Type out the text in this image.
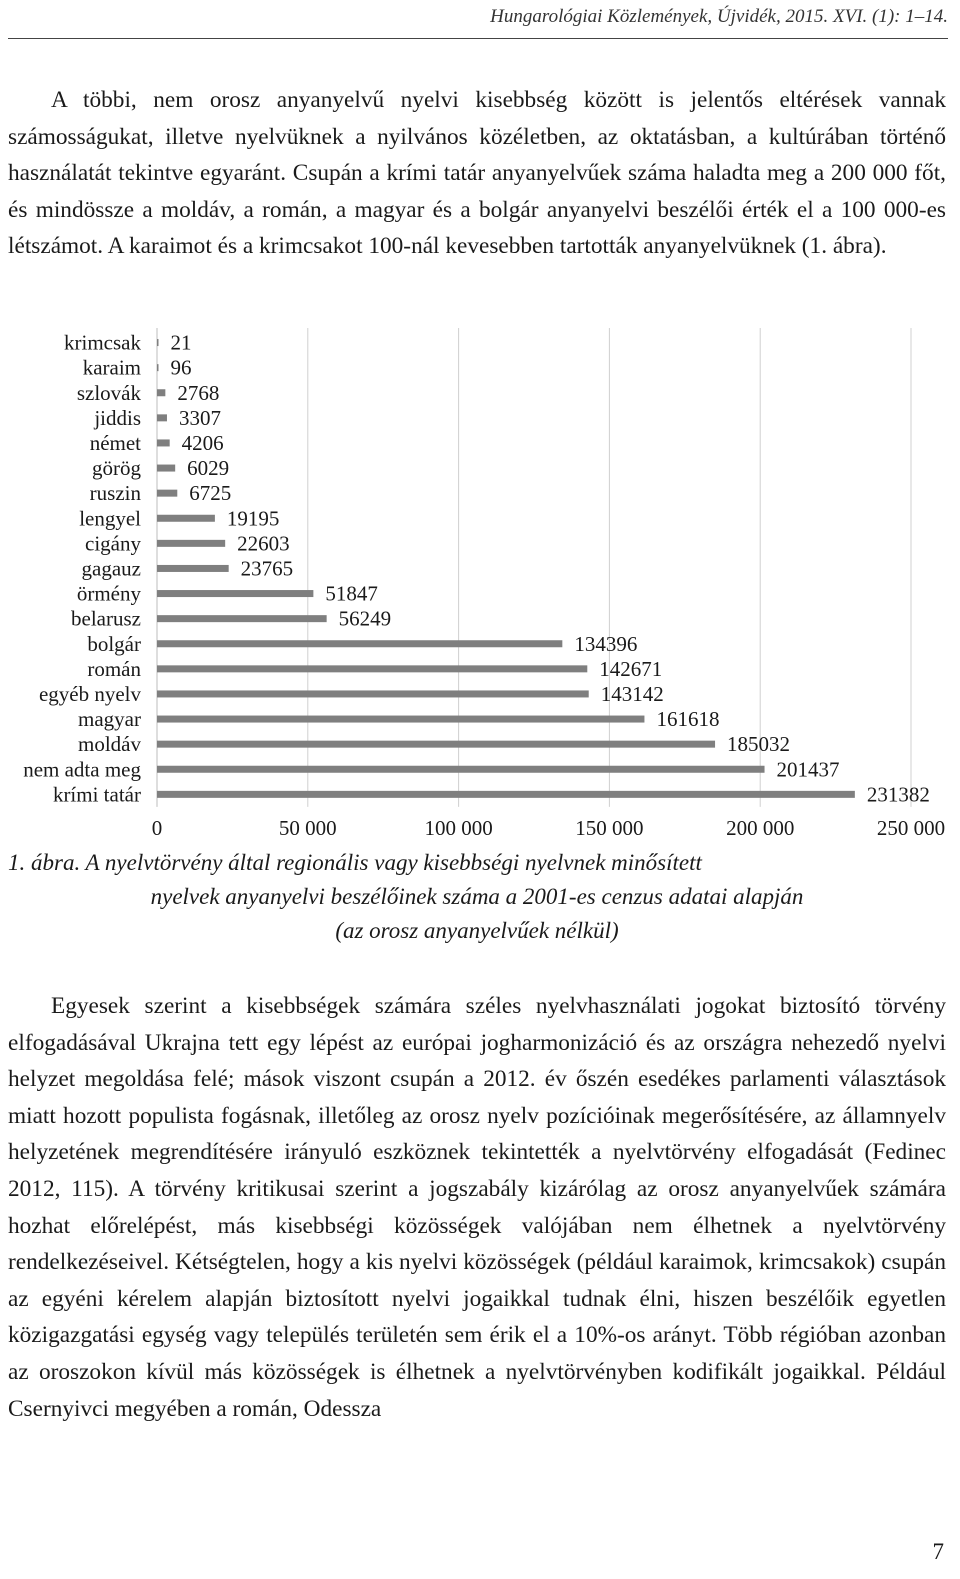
Hungarológiai Közlemények, Újvidék, 2015. XVI. (1): 1–14.

A többi, nem orosz anyanyelvű nyelvi kisebbség között is jelentős eltérések vannak számosságukat, illetve nyelvüknek a nyilvános közéletben, az oktatásban, a kultúrában történő használatát tekintve egyaránt. Csupán a krími tatár anyanyelvűek száma haladta meg a 200 000 főt, és mindössze a moldáv, a román, a magyar és a bolgár anyanyelvi beszélői érték el a 100 000-es létszámot. A karaimot és a krimcsakot 100-nál kevesebben tartották anyanyelvüknek (1. ábra).

krimcsak
karaim
szlovák
jiddis
német
görög
ruszin
lengyel
cigány
gagauz
örmény
belarusz
bolgár
román
egyéb nyelv
magyar
moldáv
nem adta meg
krími tatár
21
96
2768
3307
4206
6029
6725
19195
22603
23765
51847
56249
134396
142671
143142
161618
185032
201437
231382
0	50 000	100 000	150 000	200 000	250 000

1. ábra. A nyelvtörvény által regionális vagy kisebbségi nyelvnek minősített
nyelvek anyanyelvi beszélőinek száma a 2001-es cenzus adatai alapján
(az orosz anyanyelvűek nélkül)

Egyesek szerint a kisebbségek számára széles nyelvhasználati jogokat biztosító törvény elfogadásával Ukrajna tett egy lépést az európai jogharmonizáció és az országra nehezedő nyelvi helyzet megoldása felé; mások viszont csupán a 2012. év őszén esedékes parlamenti választások miatt hozott populista fogásnak, illetőleg az orosz nyelv pozícióinak megerősítésére, az államnyelv helyzetének megrendítésére irányuló eszköznek tekintették a nyelvtörvény elfogadását (Fedinec 2012, 115). A törvény kritikusai szerint a jogszabály kizárólag az orosz anyanyelvűek számára hozhat előrelépést, más kisebbségi közösségek valójában nem élhetnek a nyelvtörvény rendelkezéseivel. Kétségtelen, hogy a kis nyelvi közösségek (például karaimok, krimcsakok) csupán az egyéni kérelem alapján biztosított nyelvi jogaikkal tudnak élni, hiszen beszélőik egyetlen közigazgatási egység vagy település területén sem érik el a 10%-os arányt. Több régióban azonban az oroszokon kívül más közösségek is élhetnek a nyelvtörvényben kodifikált jogaikkal. Például Csernyivci megyében a román, Odessza

7
